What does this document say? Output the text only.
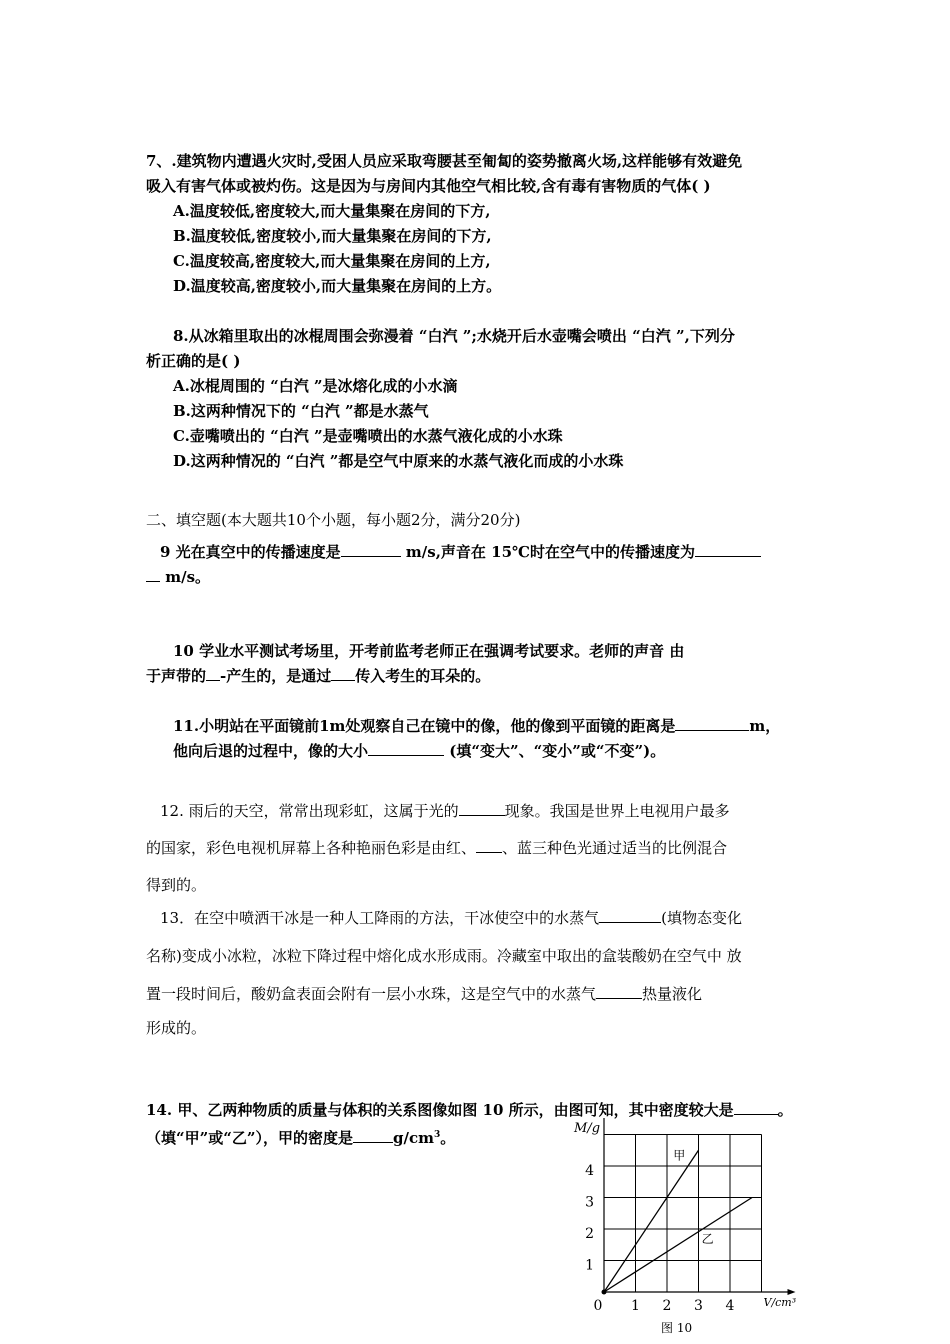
7、.建筑物内遭遇火灾时,受困人员应采取弯腰甚至匍匐的姿势撤离火场,这样能够有效避免
吸入有害气体或被灼伤。这是因为与房间内其他空气相比较,含有毒有害物质的气体( )
A.温度较低,密度较大,而大量集聚在房间的下方,
B.温度较低,密度较小,而大量集聚在房间的下方,
C.温度较高,密度较大,而大量集聚在房间的上方,
D.温度较高,密度较小,而大量集聚在房间的上方。
8.从冰箱里取出的冰棍周围会弥漫着 “白汽 ”;水烧开后水壶嘴会喷出 “白汽 ”,下列分
析正确的是( )
A.冰棍周围的 “白汽 ”是冰熔化成的小水滴
B.这两种情况下的 “白汽 ”都是水蒸气
C.壶嘴喷出的 “白汽 ”是壶嘴喷出的水蒸气液化成的小水珠
D.这两种情况的 “白汽 ”都是空气中原来的水蒸气液化而成的小水珠
二、填空题(本大题共10个小题，每小题2分，满分20分)
9 光在真空中的传播速度是	m/s,声音在 15℃时在空气中的传播速度为
m/s。
10 学业水平测试考场里，开考前监考老师正在强调考试要求。老师的声音 由
于声带的 -产生的，是通过 传入考生的耳朵的。
11.小明站在平面镜前1m处观察自己在镜中的像，他的像到平面镜的距离是	m，
他向后退的过程中，像的大小	(填“变大”、“变小”或“不变”)。
12. 雨后的天空，常常出现彩虹，这属于光的	现象。我国是世界上电视用户最多
的国家，彩色电视机屏幕上各种艳丽色彩是由红、 、蓝三种色光通过适当的比例混合
得到的。
13．在空中喷洒干冰是一种人工降雨的方法，干冰使空中的水蒸气	(填物态变化
名称)变成小冰粒，冰粒下降过程中熔化成水形成雨。冷藏室中取出的盒装酸奶在空气中 放
置一段时间后，酸奶盒表面会附有一层小水珠，这是空气中的水蒸气	热量液化
形成的。
14. 甲、乙两种物质的质量与体积的关系图像如图 10 所示，由图可知，其中密度较大是	。
（填“甲”或“乙”），甲的密度是	$g/cm^3$。
甲
乙
0 1 2 3 4
1
2
3
4
M/g
V/cm³
图 10
